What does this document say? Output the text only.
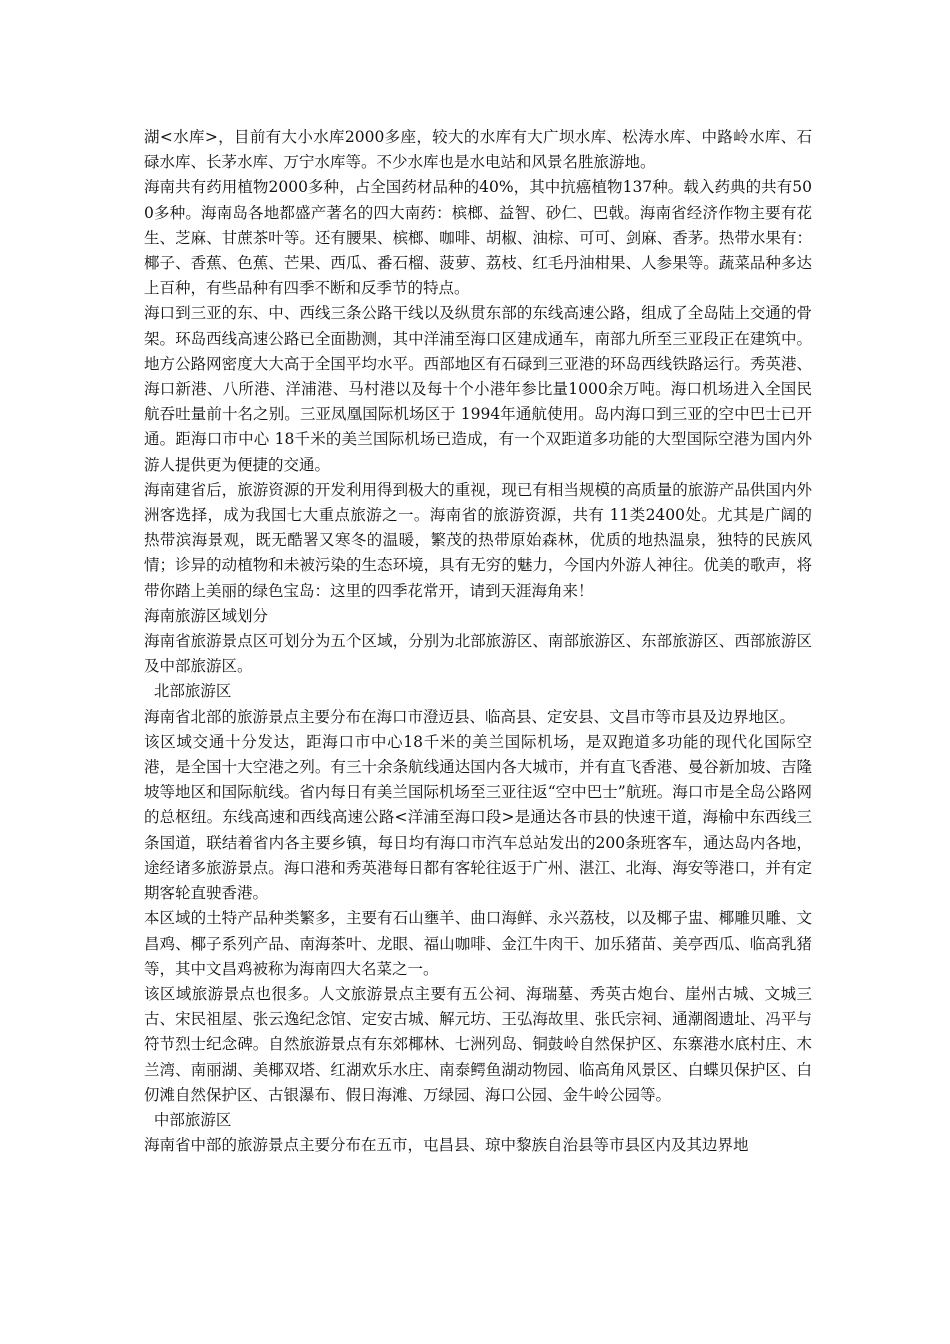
湖<水库>，目前有大小水库2000多座，较大的水库有大广坝水库、松涛水库、中路岭水库、石碌水库、长茅水库、万宁水库等。不少水库也是水电站和风景名胜旅游地。

海南共有药用植物2000多种，占全国药材品种的40%，其中抗癌植物137种。载入药典的共有500多种。海南岛各地都盛产著名的四大南药：槟榔、益智、砂仁、巴戟。海南省经济作物主要有花生、芝麻、甘蔗茶叶等。还有腰果、槟榔、咖啡、胡椒、油棕、可可、剑麻、香茅。热带水果有：椰子、香蕉、色蕉、芒果、西瓜、番石榴、菠萝、荔枝、红毛丹油柑果、人参果等。蔬菜品种多达上百种，有些品种有四季不断和反季节的特点。

海口到三亚的东、中、西线三条公路干线以及纵贯东部的东线高速公路，组成了全岛陆上交通的骨架。环岛西线高速公路已全面勘测，其中洋浦至海口区建成通车，南部九所至三亚段正在建筑中。地方公路网密度大大高于全国平均水平。西部地区有石碌到三亚港的环岛西线铁路运行。秀英港、海口新港、八所港、洋浦港、马村港以及每十个小港年参比量1000余万吨。海口机场进入全国民航吞吐量前十名之别。三亚凤凰国际机场区于 1994年通航使用。岛内海口到三亚的空中巴士已开通。距海口市中心 18千米的美兰国际机场已造成，有一个双距道多功能的大型国际空港为国内外游人提供更为便捷的交通。

海南建省后，旅游资源的开发利用得到极大的重视，现已有相当规模的高质量的旅游产品供国内外洲客选择，成为我国七大重点旅游之一。海南省的旅游资源，共有 11类2400处。尤其是广阔的热带滨海景观，既无酷署又寒冬的温暖，繁茂的热带原始森林，优质的地热温泉，独特的民族风情；诊异的动植物和未被污染的生态环境，具有无穷的魅力，今国内外游人神往。优美的歌声，将带你踏上美丽的绿色宝岛：这里的四季花常开，请到天涯海角来！

海南旅游区域划分

海南省旅游景点区可划分为五个区域，分别为北部旅游区、南部旅游区、东部旅游区、西部旅游区及中部旅游区。

北部旅游区

海南省北部的旅游景点主要分布在海口市澄迈县、临高县、定安县、文昌市等市县及边界地区。

该区域交通十分发达，距海口市中心18千米的美兰国际机场，是双跑道多功能的现代化国际空港，是全国十大空港之列。有三十余条航线通达国内各大城市，并有直飞香港、曼谷新加坡、吉隆坡等地区和国际航线。省内每日有美兰国际机场至三亚往返“空中巴士”航班。海口市是全岛公路网的总枢纽。东线高速和西线高速公路<洋浦至海口段>是通达各市县的快速干道，海榆中东西线三条国道，联结着省内各主要乡镇，每日均有海口市汽车总站发出的200条班客车，通达岛内各地，途经诸多旅游景点。海口港和秀英港每日都有客轮往返于广州、湛江、北海、海安等港口，并有定期客轮直驶香港。

本区域的土特产品种类繁多，主要有石山壅羊、曲口海鲜、永兴荔枝，以及椰子盅、椰雕贝雕、文昌鸡、椰子系列产品、南海茶叶、龙眼、福山咖啡、金江牛肉干、加乐猪苗、美亭西瓜、临高乳猪等，其中文昌鸡被称为海南四大名菜之一。

该区域旅游景点也很多。人文旅游景点主要有五公祠、海瑞墓、秀英古炮台、崖州古城、文城三古、宋民祖屋、张云逸纪念馆、定安古城、解元坊、王弘海故里、张氏宗祠、通潮阁遗址、冯平与符节烈士纪念碑。自然旅游景点有东郊椰林、七洲列岛、铜鼓岭自然保护区、东寨港水底村庄、木兰湾、南丽湖、美椰双塔、红湖欢乐水庄、南泰鳄鱼湖动物园、临高角风景区、白蝶贝保护区、白仞滩自然保护区、古银瀑布、假日海滩、万绿园、海口公园、金牛岭公园等。

中部旅游区

海南省中部的旅游景点主要分布在五市，屯昌县、琼中黎族自治县等市县区内及其边界地
